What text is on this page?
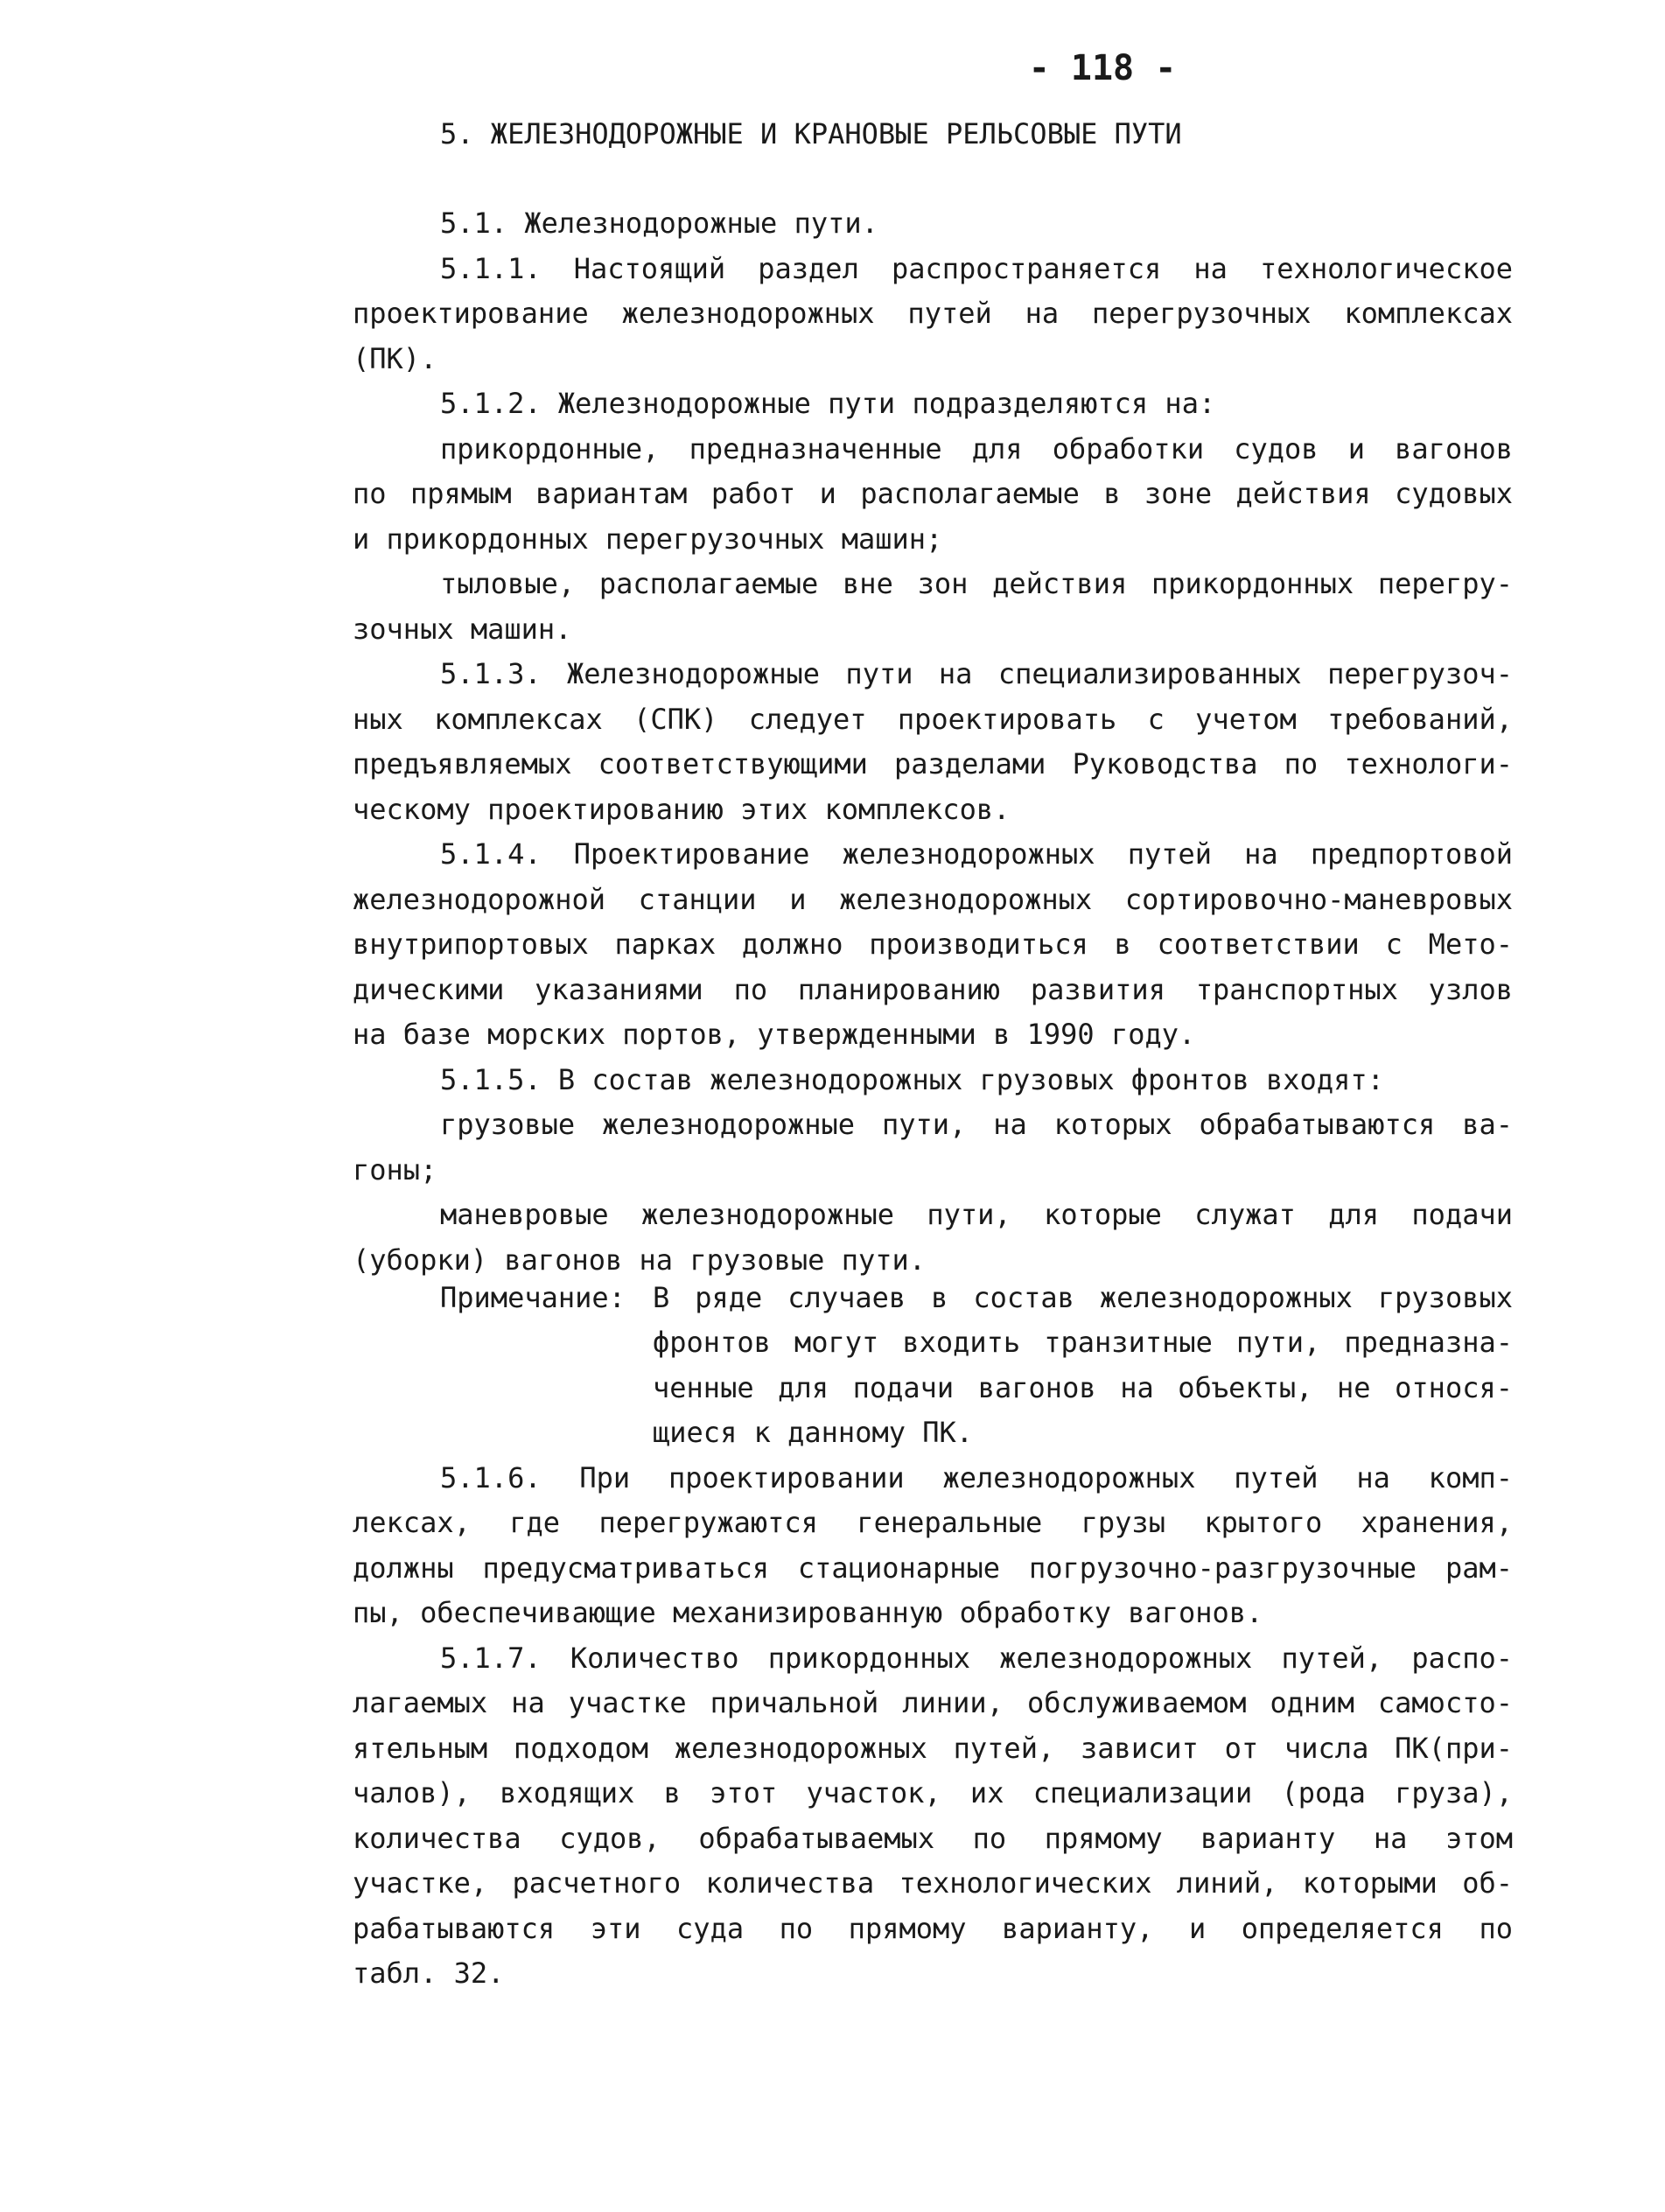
- 118 -
5. ЖЕЛЕЗНОДОРОЖНЫЕ И КРАНОВЫЕ РЕЛЬСОВЫЕ ПУТИ
5.1. Железнодорожные пути.
5.1.1. Настоящий раздел распространяется на технологическое
проектирование железнодорожных путей на перегрузочных комплексах
(ПК).
5.1.2. Железнодорожные пути подразделяются на:
прикордонные, предназначенные для обработки судов и вагонов
по прямым вариантам работ и располагаемые в зоне действия судовых
и прикордонных перегрузочных машин;
тыловые, располагаемые вне зон действия прикордонных перегру-
зочных машин.
5.1.3. Железнодорожные пути на специализированных перегрузоч-
ных комплексах (СПК) следует проектировать с учетом требований,
предъявляемых соответствующими разделами Руководства по технологи-
ческому проектированию этих комплексов.
5.1.4. Проектирование железнодорожных путей на предпортовой
железнодорожной станции и железнодорожных сортировочно-маневровых
внутрипортовых парках должно производиться в соответствии с Мето-
дическими указаниями по планированию развития транспортных узлов
на базе морских портов, утвержденными в 1990 году.
5.1.5. В состав железнодорожных грузовых фронтов входят:
грузовые железнодорожные пути, на которых обрабатываются ва-
гоны;
маневровые железнодорожные пути, которые служат для подачи
(уборки) вагонов на грузовые пути.
Примечание: В ряде случаев в состав железнодорожных грузовых
фронтов могут входить транзитные пути, предназна-
ченные для подачи вагонов на объекты, не относя-
щиеся к данному ПК.
5.1.6. При проектировании железнодорожных путей на комп-
лексах, где перегружаются генеральные грузы крытого хранения,
должны предусматриваться стационарные погрузочно-разгрузочные рам-
пы, обеспечивающие механизированную обработку вагонов.
5.1.7. Количество прикордонных железнодорожных путей, распо-
лагаемых на участке причальной линии, обслуживаемом одним самосто-
ятельным подходом железнодорожных путей, зависит от числа ПК(при-
чалов), входящих в этот участок, их специализации (рода груза),
количества судов, обрабатываемых по прямому варианту на этом
участке, расчетного количества технологических линий, которыми об-
рабатываются эти суда по прямому варианту, и определяется по
табл. 32.
